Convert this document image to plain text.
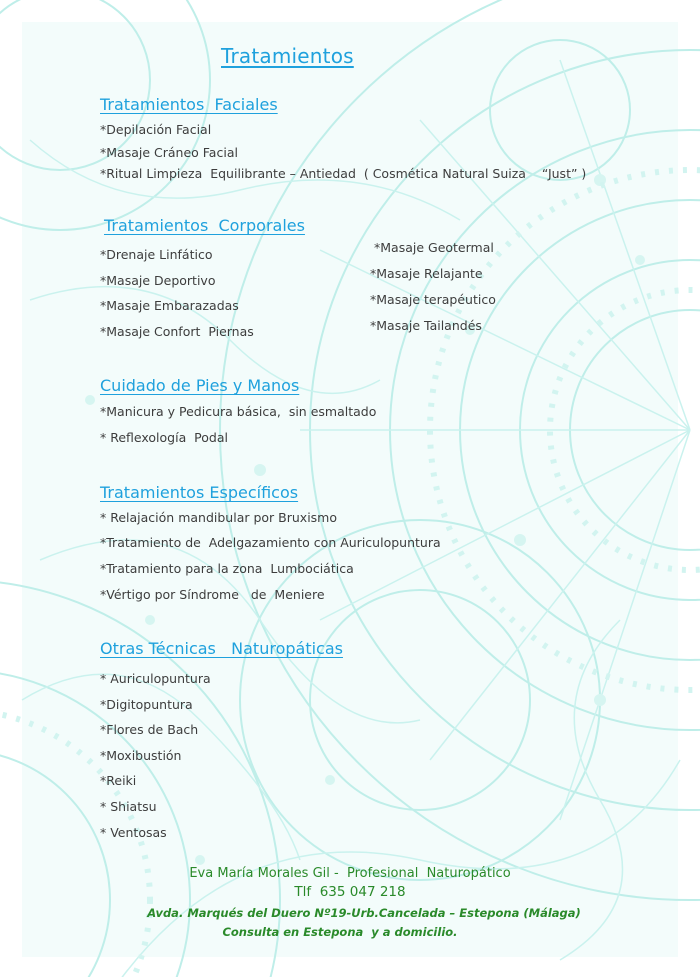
Tratamientos
Tratamientos  Faciales
*Depilación Facial
*Masaje Cráneo Facial
*Ritual Limpieza  Equilibrante – Antiedad  ( Cosmética Natural Suiza    “Just” )
Tratamientos  Corporales
*Drenaje Linfático
*Masaje Deportivo
*Masaje Embarazadas
*Masaje Confort  Piernas
*Masaje Geotermal
*Masaje Relajante
*Masaje terapéutico
*Masaje Tailandés
Cuidado de Pies y Manos
*Manicura y Pedicura básica,  sin esmaltado
* Reflexología  Podal
Tratamientos Específicos
* Relajación mandibular por Bruxismo
*Tratamiento de  Adelgazamiento con Auriculopuntura
*Tratamiento para la zona  Lumbociática
*Vértigo por Síndrome   de  Meniere
Otras Técnicas   Naturopáticas
* Auriculopuntura
*Digitopuntura
*Flores de Bach
*Moxibustión
*Reiki
* Shiatsu
* Ventosas
Eva María Morales Gil -  Profesional  Naturopático
Tlf  635 047 218
Avda. Marqués del Duero Nº19-Urb.Cancelada – Estepona (Málaga)
Consulta en Estepona  y a domicilio.
